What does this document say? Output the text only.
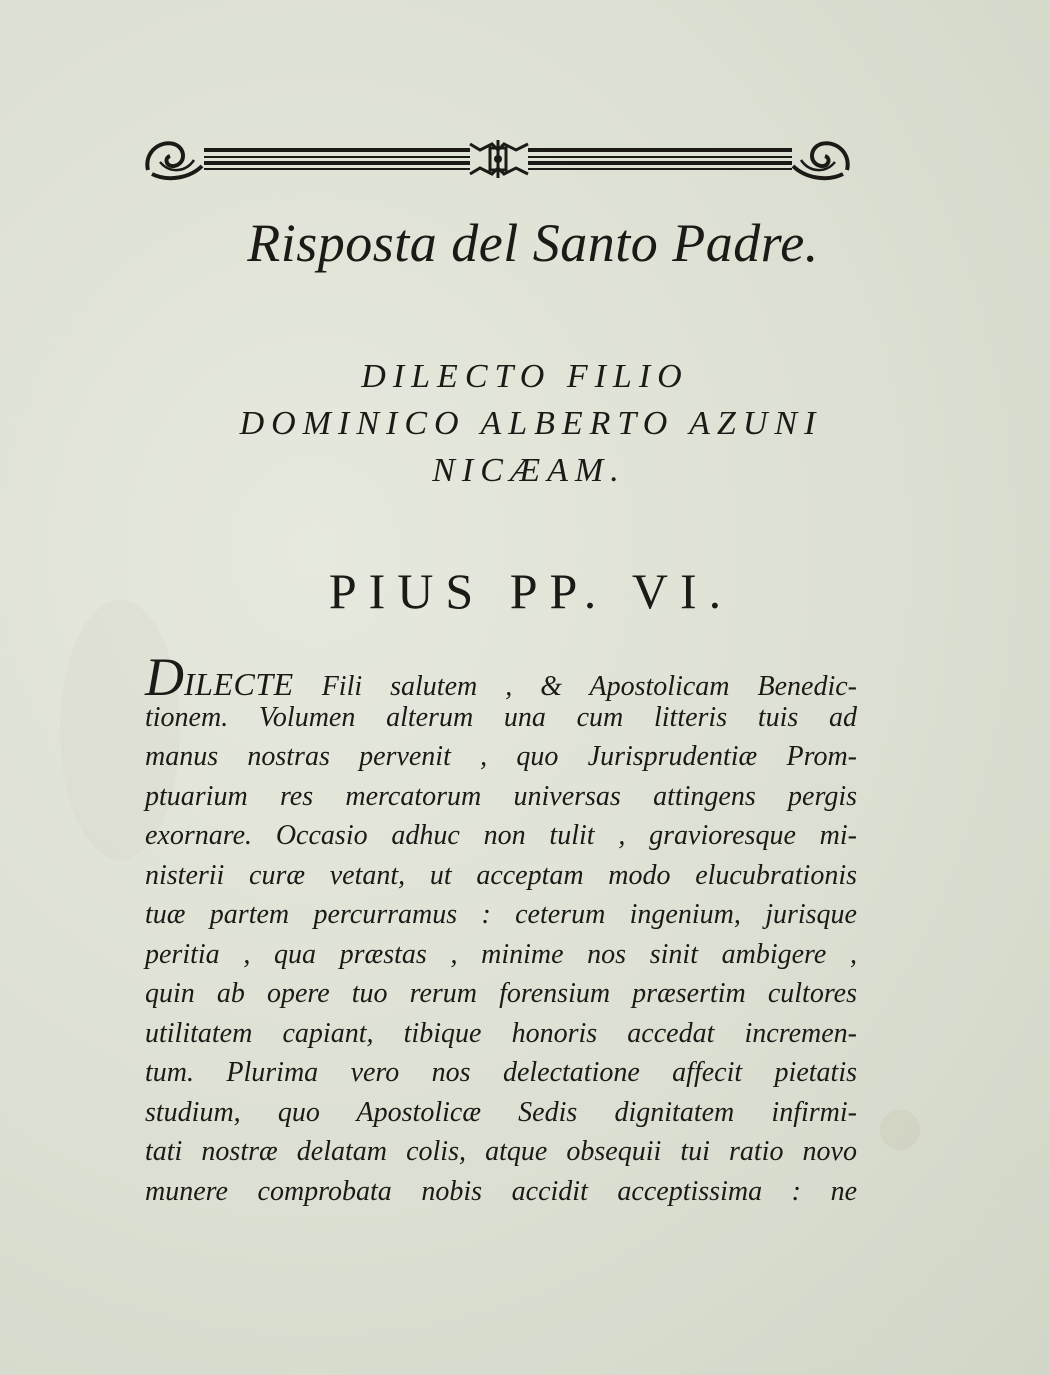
Risposta del Santo Padre.
DILECTO FILIO
DOMINICO ALBERTO AZUNI
NICÆAM.
PIUS PP. VI.
DILECTE Fili salutem , & Apostolicam Benedic-
tionem. Volumen alterum una cum litteris tuis ad
manus nostras pervenit , quo Jurisprudentiæ Prom-
ptuarium res mercatorum universas attingens pergis
exornare. Occasio adhuc non tulit , gravioresque mi-
nisterii curæ vetant, ut acceptam modo elucubrationis
tuæ partem percurramus : ceterum ingenium, jurisque
peritia , qua præstas , minime nos sinit ambigere ,
quin ab opere tuo rerum forensium præsertim cultores
utilitatem capiant, tibique honoris accedat incremen-
tum. Plurima vero nos delectatione affecit pietatis
studium, quo Apostolicæ Sedis dignitatem infirmi-
tati nostræ delatam colis, atque obsequii tui ratio novo
munere comprobata nobis accidit acceptissima : ne
